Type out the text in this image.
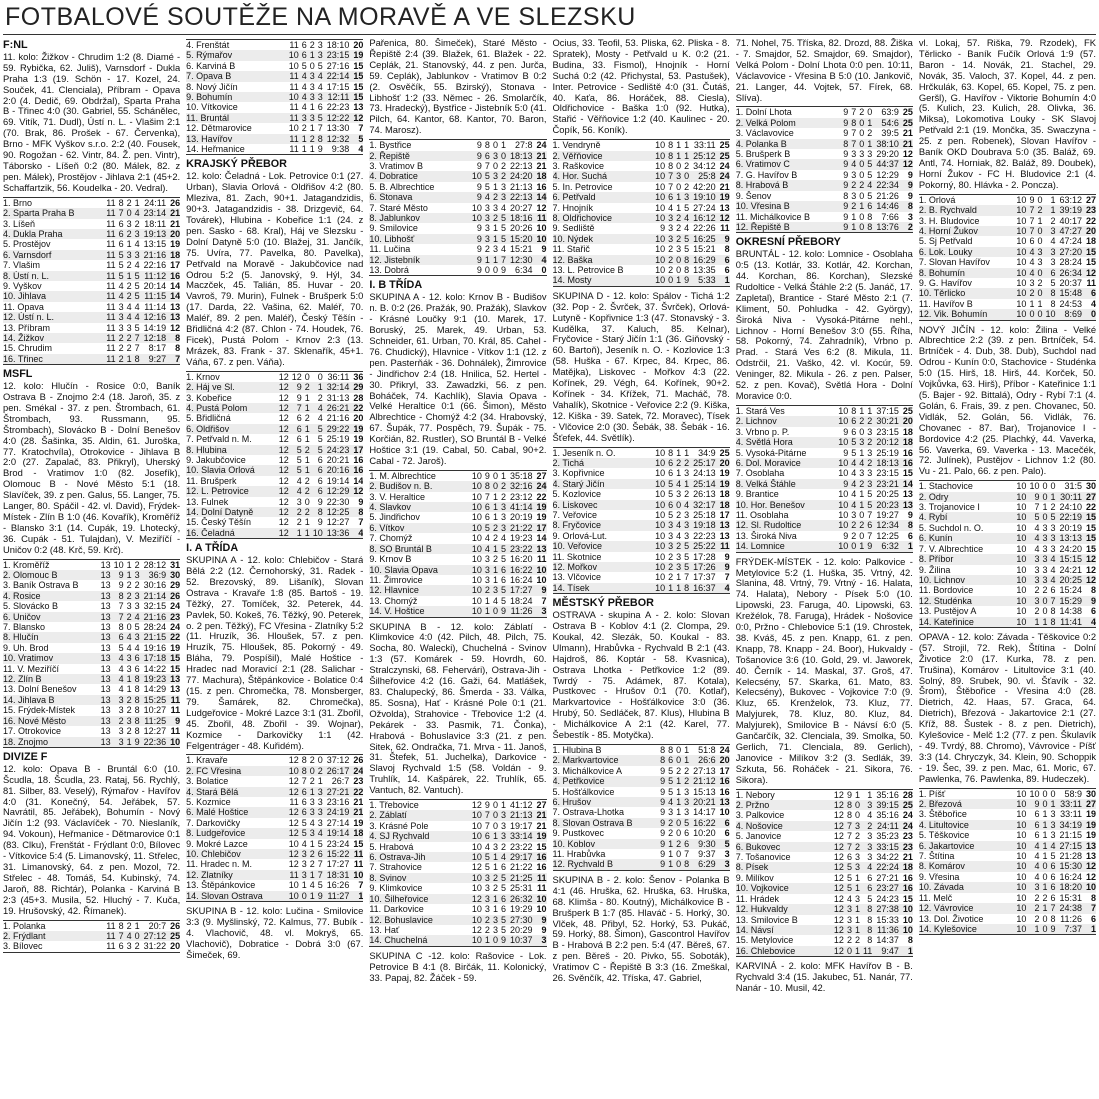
FOTBALOVÉ SOUTĚŽE NA MORAVĚ A VE SLEZSKU
F:NL
11. kolo: Žižkov - Chrudim 1:2 (8. Diamé - 59. Rybička, 62. Juliš), Varnsdorf - Dukla Praha 1:3 (19. Schön - 17. Kozel, 24. Souček, 41. Clenciala), Příbram - Opava 2:0 (4. Dedič, 69. Obdržal), Sparta Praha B - Třinec 4:0 (30. Gabriel, 55. Schánělec, 69. Vitík, 71. Dudl), Ústí n. L. - Vlašim 2:1 (70. Brak, 86. Prošek - 67. Červenka), Brno - MFK Vyškov s.r.o. 2:2 (40. Fousek, 90. Rogožan - 62. Vintr, 84. Ž. pen. Vintr), Táborsko - Líšeň 0:2 (80. Málek, 82. z pen. Málek), Prostějov - Jihlava 2:1 (45+2. Schaffartzik, 56. Koudelka - 20. Vedral).
1. Brno	11	8	2	1	24:11	26
2. Sparta Praha B	11	7	0	4	23:14	21
3. Líšeň	11	6	3	2	18:11	21
4. Dukla Praha	11	6	2	3	19:13	20
5. Prostějov	11	6	1	4	13:15	19
6. Varnsdorf	11	5	3	3	21:16	18
7. Vlašim	11	5	2	4	22:16	17
8. Ústí n. L.	11	5	1	5	11:12	16
9. Vyškov	11	4	2	5	20:14	14
10. Jihlava	11	4	2	5	11:15	14
11. Opava	11	3	4	4	11:14	13
12. Ústí n. L.	11	3	4	4	12:16	13
13. Příbram	11	3	3	5	14:19	12
14. Žižkov	11	2	2	7	12:18	8
15. Chrudim	11	2	2	7	8:17	8
16. Třinec	11	2	1	8	9:27	7
MSFL
12. kolo: Hlučín - Rosice 0:0, Baník Ostrava B - Znojmo 2:4 (18. Jaroň, 35. z pen. Smékal - 37. z pen. Štrombach, 61. Štrombach, 93. Russmann, 95. Štrombach), Slovácko B - Dolní Benešov 4:0 (28. Šašinka, 35. Aldin, 61. Juroška, 77. Kratochvíla), Otrokovice - Jihlava B 2:0 (27. Zapalač, 83. Přikryl), Uherský Brod - Vratimov 1:0 (82. Josefík), Olomouc B - Nové Město 5:1 (18. Slavíček, 39. z pen. Galus, 55. Langer, 75. Langer, 80. Spáčil - 42. vl. David), Frýdek-Místek - Zlín B 1:0 (46. Kovařík), Kroměříž - Blansko 3:1 (14. Cupák, 19. Lhotecký, 36. Cupák - 51. Tulajdan), V. Meziříčí - Uničov 0:2 (48. Krč, 59. Krč).
1. Kroměříž	13	10	1	2	28:12	31
2. Olomouc B	13	9	1	3	36:9	30
3. Baník Ostrava B	13	9	2	2	30:16	29
4. Rosice	13	8	2	3	21:14	26
5. Slovácko B	13	7	3	3	32:15	24
6. Uničov	13	7	2	4	21:16	23
7. Blansko	13	8	0	5	28:24	24
8. Hlučín	13	6	4	3	21:15	22
9. Uh. Brod	13	5	4	4	19:16	19
10. Vratimov	13	4	3	6	17:18	15
11. V. Meziříčí	13	4	3	6	14:22	15
12. Zlín B	13	4	1	8	19:23	13
13. Dolní Benešov	13	4	1	8	14:29	13
14. Jihlava B	13	3	2	8	15:25	11
15. Frýdek-Místek	13	3	2	8	10:27	11
16. Nové Město	13	2	3	8	11:25	9
17. Otrokovice	13	3	2	8	12:27	11
18. Znojmo	13	3	1	9	22:36	10
DIVIZE F
12. kolo: Opava B - Bruntál 6:0 (10. Šcudla, 18. Šcudla, 23. Rataj, 56. Rychlý, 81. Silber, 83. Veselý), Rýmařov - Havířov 4:0 (31. Konečný, 54. Jeřábek, 57. Navrátil, 85. Jeřábek), Bohumín - Nový Jičín 1:2 (93. Václavíček - 70. Nieslaník, 94. Vokoun), Heřmanice - Dětmarovice 0:1 (83. Clku), Frenštát - Frýdlant 0:0, Bílovec - Vítkovice 5:4 (5. Limanovský, 11. Střelec, 31. Limanovský, 64. z pen. Mozol, 72. Střelec - 48. Tomáš, 54. Kubinský, 74. Jaroň, 88. Richtár), Polanka - Karviná B 2:3 (45+3. Musila, 52. Hluchý - 7. Kuča, 19. Hrušovský, 42. Římanek).
1. Polanka	11	8	2	1	20:7	26
2. Frýdlant	11	7	4	0	27:12	25
3. Bílovec	11	6	3	2	31:22	20
4. Frenštát	11	6	2	3	18:10	20
5. Rýmařov	10	6	1	3	23:15	19
6. Karviná B	10	5	0	5	27:16	15
7. Opava B	11	4	3	4	22:14	15
8. Nový Jičín	11	4	3	4	17:15	15
9. Bohumín	10	4	3	3	12:11	15
10. Vítkovice	11	4	1	6	22:23	13
11. Bruntál	11	3	3	5	12:22	12
12. Dětmarovice	10	2	1	7	13:30	7
13. Havířov	11	1	2	8	12:32	5
14. Heřmanice	11	1	1	9	9:38	4
KRAJSKÝ PŘEBOR
12. kolo: Čeladná - Lok. Petrovice 0:1 (27. Urban), Slavia Orlová - Oldřišov 4:2 (80. Mleziva, 81. Zach, 90+1. Jatagandzidis, 90+3. Jatagandzidis - 38. Drizgevič, 64. Továrek), Hlubina - Kobeřice 1:1 (24. z pen. Sasko - 68. Kral), Háj ve Slezsku - Dolní Datyně 5:0 (10. Blažej, 31. Jančík, 75. Uvíra, 77. Pavelka, 80. Pavelka), Petřvald na Moravě - Jakubčovice nad Odrou 5:2 (5. Janovský, 9. Hýl, 34. Maczček, 45. Talián, 85. Huvar - 20. Vavroš, 79. Murin), Fulnek - Brušperk 5:0 (17. Darda, 22. Vašina, 62. Maléř, 70. Maléř, 89. 2 pen. Maléř), Český Těšín - Břidličná 4:2 (87. Chlon - 74. Houdek, 76. Ficek), Pustá Polom - Krnov 2:3 (13. Mrázek, 83. Frank - 37. Sklenařík, 45+1. Váňa, 67. z pen. Váňa).
1. Krnov	12	12	0	0	36:11	36
2. Háj ve Sl.	12	9	2	1	32:14	29
3. Kobeřice	12	9	1	2	31:13	28
4. Pustá Polom	12	7	1	4	26:21	22
5. Břidličná	12	6	2	4	21:16	20
6. Oldřišov	12	6	1	5	29:22	19
7. Petřvald n. M.	12	6	1	5	25:19	19
8. Hlubina	12	5	2	5	24:23	17
9. Jakubčovice	12	5	1	6	20:21	16
10. Slavia Orlová	12	5	1	6	20:16	16
11. Brušperk	12	4	2	6	19:14	14
12. L. Petrovice	12	4	2	6	12:29	12
13. Fulnek	12	3	0	9	22:30	9
14. Dolní Datyně	12	2	2	8	12:25	8
15. Český Těšín	12	2	1	9	12:27	7
16. Čeladná	12	1	1	10	13:36	4
I. A TŘÍDA
SKUPINA A - 12. kolo: Chlebičov - Stará Bělá 2:2 (12. Černohorský, 31. Radek - 52. Brezovský, 89. Lišaník), Slovan Ostrava - Kravaře 1:8 (85. Bartoš - 19. Těžký, 27. Tomíček, 32. Peterek, 44. Pavlek, 50. Kokeš, 76. Těžký, 90. Peterek, o. 2 pen. Těžký), FC Vřesina - Zlatníky 5:2 (11. Hruzík, 36. Hloušek, 57. z pen. Hruzík, 75. Hloušek, 85. Pokorný - 49. Bláha, 79. Pospíšil), Malé Hoštice - Hradec nad Moravicí 2:1 (28. Salichar - 77. Machura), Štěpánkovice - Bolatice 0:4 (15. z pen. Chromečka, 78. Monsberger, 79. Šamárek, 82. Chromečka), Ludgeřovice - Mokré Lazce 3:1 (31. Zbořil, 45. Zbořil, 48. Zbořil - 39. Wojnar), Kozmice - Darkovičky 1:1 (42. Felgentráger - 48. Kuřidém).
1. Kravaře	12	8	2	0	37:12	26
2. FC Vřesina	10	8	0	2	26:17	24
3. Bolatice	12	7	2	1	26:7	23
4. Stará Bělá	12	6	1	3	27:21	22
5. Kozmice	11	6	3	3	23:16	21
6. Malé Hoštice	12	6	3	3	24:19	21
7. Darkovičky	12	5	4	3	27:14	19
8. Ludgeřovice	12	5	3	4	19:14	18
9. Mokré Lazce	10	4	1	5	23:24	15
10. Chlebičov	12	3	2	6	15:22	11
11. Hradec n. M.	12	3	2	7	17:27	11
12. Zlatníky	11	3	1	7	18:31	10
13. Štěpánkovice	10	1	4	5	16:26	7
14. Slovan Ostrava	10	0	1	9	11:27	1
SKUPINA B - 12. kolo: Lučina - Smilovice 3:3 (9. Myšlinský, 72. Kalmus, 77. Bubík - 4. Vlachovič, 48. vl. Mokryš, 65. Vlachovič), Dobratice - Dobrá 3:0 (67. Šimeček, 69.
Pařenica, 80. Šimeček), Staré Město - Řepiště 2:4 (39. Blažek, 61. Blažek - 22. Ceplák, 21. Stanovský, 44. z pen. Jurča, 59. Ceplák), Jablunkov - Vratimov B 0:2 (2. Osvěčík, 55. Bzirský), Stonava - Libhošť 1:2 (33. Němec - 26. Smolarčík, 73. Hradecký), Bystřice - Jistebník 5:0 (41. Pilch, 64. Kantor, 68. Kantor, 70. Baron, 74. Marosz).
1. Bystřice	9	8	0	1	27:8	24
2. Řepiště	9	6	3	0	18:13	21
3. Vratimov B	9	7	0	2	22:13	21
4. Dobratice	10	5	3	2	24:20	18
5. B. Albrechtice	9	5	1	3	21:13	16
6. Stonava	9	4	2	3	22:13	14
7. Staré Město	10	3	3	4	20:27	12
8. Jablunkov	10	3	2	5	18:16	11
9. Smilovice	9	3	1	5	20:26	10
10. Libhošť	9	3	1	5	15:20	10
11. Lučina	9	2	3	4	15:21	9
12. Jistebník	9	1	1	7	12:30	4
13. Dobrá	9	0	0	9	6:34	0
I. B TŘÍDA
SKUPINA A - 12. kolo: Krnov B - Budišov n. B. 0:2 (26. Pražák, 90. Pražák), Slavkov - Krásné Loučky 9:1 (10. Marek, 17. Boruský, 25. Marek, 49. Urban, 53. Schneider, 61. Urban, 70. Král, 85. Cahel - 76. Chudický), Hlavnice - Vítkov 1:1 (12. z pen. Pasterňák - 36. Dohnálek), Žimrovice - Jindřichov 2:4 (18. Hnilica, 52. Hertel - 30. Přikryl, 33. Zawadzki, 56. z pen. Boháček, 74. Kachlík), Slavia Opava - Velké Heraltice 0:1 (66. Šimon), Město Albrechtice - Chomýž 4:2 (34. Hrabovský, 67. Šupák, 77. Pospěch, 79. Šupák - 75. Korčián, 82. Rustler), SO Bruntál B - Velké Hoštice 3:1 (19. Cabal, 50. Cabal, 90+2. Cabal - 72. Jaroš).
1. M. Albrechtice	10	9	0	1	35:18	27
2. Budišov n. B.	10	8	0	2	32:16	24
3. V. Heraltice	10	7	1	2	23:12	22
4. Slavkov	10	6	1	3	41:14	19
5. Jindřichov	10	6	1	3	20:19	19
6. Vítkov	10	5	2	3	21:22	17
7. Chomýž	10	4	2	4	19:23	14
8. SO Bruntál B	10	4	1	5	23:22	13
9. Krnov B	10	3	2	5	16:20	11
10. Slavia Opava	10	3	1	6	16:22	10
11. Žimrovice	10	3	1	6	16:24	10
12. Hlavnice	10	2	3	5	17:27	9
13. Chomýž	10	1	4	5	18:24	7
14. V. Hoštice	10	1	0	9	11:26	3
SKUPINA B - 12. kolo: Záblatí - Klimkovice 4:0 (42. Pilch, 48. Pilch, 75. Socha, 80. Walecki), Chuchelná - Svinov 1:3 (57. Komárek - 59. Hovrdh, 60. Stralczynski, 68. Fehervári), Ostrava-Jih - Šilheřovice 4:2 (16. Gaži, 64. Matlášek, 83. Chalupecký, 86. Šmerda - 33. Válka, 85. Sosna), Hať - Krásné Pole 0:1 (21. Ožvolda), Strahovice - Třebovice 1:2 (4. Pekárek - 33. Pasmik, 71. Čonka), Hrabová - Bohuslavice 3:3 (21. z pen. Sitek, 62. Ondračka, 71. Mrva - 11. Janoš, 31. Štefek, 51. Juchelka), Darkovice - Slavoj Rychvald 1:5 (58. Voldán - 9. Truhlík, 14. Kašpárek, 22. Truhlík, 65. Vantuch, 82. Vantuch).
1. Třebovice	12	9	0	1	41:12	27
2. Záblatí	10	7	0	3	21:13	21
3. Krásné Pole	10	7	0	3	19:17	21
4. SJ Rychvald	10	6	1	3	33:14	19
5. Hrabová	10	4	3	2	23:22	15
6. Ostrava-Jih	10	5	1	4	29:17	16
7. Strahovice	12	5	1	6	21:22	16
8. Svinov	10	3	2	5	21:25	11
9. Klimkovice	10	3	2	5	25:31	11
10. Šilheřovice	12	3	1	6	26:32	10
11. Darkovice	10	3	1	6	19:29	10
12. Bohuslavice	10	2	3	5	27:30	9
13. Hať	12	2	3	5	20:29	9
14. Chuchelná	10	1	0	9	10:37	3
SKUPINA C -12. kolo: Rašovice - Lok. Petrovice B 4:1 (8. Birčák, 11. Kolonický, 33. Papaj, 82. Žáček - 59.
Ocius, 33. Teofil, 53. Pliska, 62. Pliska - 8. Spratek), Mosty - Petřvald u K. 0:2 (21. Budina, 33. Fismol), Hnojník - Horní Suchá 0:2 (42. Přichystal, 53. Pastušek), Inter. Petrovice - Sedliště 4:0 (31. Čutáš, 40. Kaťa, 86. Horáček, 88. Ciesla), Oldřichovice - Baška 1:0 (92. Hutka), Stařić - Věřňovice 1:2 (40. Kaulinec - 20. Čopík, 56. Koník).
1. Vendryně	10	8	1	1	33:11	25
2. Věřňovice	10	8	1	1	25:12	25
3. Raškovice	10	8	0	2	34:12	24
4. Hor. Suchá	10	7	3	0	25:8	24
5. In. Petrovice	10	7	0	2	42:20	21
6. Petřvald	10	6	1	3	19:10	19
7. Hnojník	10	4	1	5	27:24	13
8. Oldřichovice	10	3	2	4	16:12	12
9. Sedliště	9	3	2	4	22:26	11
10. Nýdek	10	3	2	5	16:25	9
11. Stařič	10	2	3	5	15:21	8
12. Baška	10	2	0	8	16:29	6
13. L. Petrovice B	10	2	0	8	13:35	6
14. Mosty	10	0	1	9	5:33	1
SKUPINA D - 12. kolo: Spálov - Tichá 1:2 (32. Pop - 2. Švrček, 37. Švrček), Orlová-Lutyně - Kopřivnice 1:3 (47. Stonavský - 3. Kudělka, 37. Kaluch, 85. Kelnar), Fryčovice - Starý Jičín 1:1 (36. Giňovský - 60. Bartoň), Jeseník n. O. - Kozlovice 1:3 (58. Huška - 67. Krpec, 84. Krpec, 86. Matějka), Liskovec - Mořkov 4:3 (22. Kořínek, 29. Végh, 64. Kořínek, 90+2. Kořínek - 34. Křížek, 71. Macháč, 78. Vahalík), Skotnice - Veřovice 2:2 (9. Kiška, 12. Kiška - 39. Satek, 72. Moravec), Tísek - Vlčovice 2:0 (30. Šebák, 38. Šebák - 16. Šťefek, 44. Světlík).
1. Jeseník n. O.	10	8	1	1	34:9	25
2. Tichá	10	6	2	2	25:17	20
3. Kopřivnice	10	6	1	3	24:13	19
4. Starý Jičín	10	5	4	1	25:14	19
5. Kozlovice	10	5	3	2	26:13	18
6. Liskovec	10	6	0	4	32:17	18
7. Veřovice	10	5	2	3	25:18	17
8. Fryčovice	10	3	4	3	19:18	13
9. Orlová-Lut.	10	3	4	3	22:23	13
10. Veřovice	10	3	2	5	25:22	11
11. Skotnice	10	2	3	5	17:28	9
12. Mořkov	10	2	3	5	17:26	9
13. Vlčovice	10	2	1	7	17:37	7
14. Tísek	10	1	1	8	16:37	4
MĚSTSKÝ PŘEBOR
OSTRAVA - skupina A - 2. kolo: Slovan Ostrava B - Koblov 4:1 (2. Clompa, 29. Koukal, 42. Slezák, 50. Koukal - 83. Ulmann), Hrabůvka - Rychvald B 2:1 (43. Hajdroš, 86. Koptár - 58. Kvasnica), Ostrava Lhotka - Petřkovice 1:2 (89. Twrdý - 75. Adámek, 87. Kotala), Pustkovec - Hrušov 0:1 (70. Kotlař), Markvartovice - Hošťálkovice 3:0 (36. Hrubý, 50. Sedláček, 87. Klus), Hlubina B - Michálkovice A 2:1 (42. Karel, 77. Šebestík - 85. Motyčka).
1. Hlubina B	8	8	0	1	51:8	24
2. Markvartovice	8	6	0	1	26:6	20
3. Michálkovice A	9	5	2	2	27:13	17
4. Petřkovice	9	5	1	2	21:12	16
5. Hošťálkovice	9	5	1	3	15:13	16
6. Hrušov	9	4	1	3	20:21	13
7. Ostrava-Lhotka	9	3	1	3	14:17	10
8. Slovan Ostrava B	9	2	0	5	16:22	6
9. Pustkovec	9	2	0	6	10:20	6
10. Koblov	9	1	2	6	9:30	5
11. Hrabůvka	9	1	0	7	9:37	3
12. Rychvald B	9	1	0	8	6:29	3
SKUPINA B - 2. kolo: Šenov - Polanka B 4:1 (46. Hruška, 62. Hruška, 63. Hruška, 68. Klimša - 80. Koutný), Michálkovice B - Brušperk B 1:7 (85. Hlaváč - 5. Horký, 30. Vlček, 48. Přibyl, 52. Horký, 53. Pukáč, 59. Horký, 88. Šimon), Gascontrol Havířov B - Hrabová B 2:2 pen. 5:4 (47. Běreš, 67. z pen. Běreš - 20. Pivko, 55. Soboták), Vratimov C - Řepiště B 3:3 (16. Zmeškal, 26. Svěnčík, 42. Tříska, 47. Gabriel,
71. Nohel, 75. Tříska, 82. Drozd, 88. Žiška - 7. Smajdor, 52. Smajdor, 69. Smajdor), Velká Polom - Dolní Lhota 0:0 pen. 10:11, Václavovice - Vřesina B 5:0 (10. Jankovič, 21. Langer, 44. Vojtek, 57. Fírek, 68. Slíva).
1. Dolní Lhota	9	7	2	0	63:9	25
2. Velká Polom	9	8	0	1	54:6	25
3. Václavovice	9	7	0	2	39:5	21
4. Polanka B	8	7	0	1	38:10	21
5. Brušperk B	9	3	3	3	29:20	12
6. Vratimov C	9	4	0	5	44:37	12
7. G. Havířov B	9	3	0	5	12:29	9
8. Hrabová B	9	2	2	4	22:34	9
9. Šenov	8	3	0	5	21:26	9
10. Vřesina B	9	2	1	6	14:46	8
11. Michálkovice B	9	1	0	8	7:66	3
12. Řepiště B	9	1	0	8	13:76	2
OKRESNÍ PŘEBORY
BRUNTÁL - 12. kolo: Lomnice - Osoblaha 0:5 (13. Kotlár, 33. Kotlár, 42. Korchan, 44. Korchan, 86. Korchan), Slezské Rudoltice - Velká Štáhle 2:2 (5. Janáč, 17. Zapletal), Brantice - Staré Město 2:1 (7. Kliment, 50. Pohludka - 42. Györgу), Široká Niva - Vysoká-Pitárne nehl., Lichnov - Horní Benešov 3:0 (55. Říha, 58. Pokorný, 74. Zahradník), Vrbno p. Prad. - Stará Ves 6:2 (8. Mikula, 11. Odstrčil, 21. Vaško, 42. vl. Kocúr, 59. Veninger, 82. Mikula - 26. z pen. Palser, 52. z pen. Kovač), Světlá Hora - Dolní Moravice 0:0.
1. Stará Ves	10	8	1	1	37:15	25
2. Lichnov	10	6	2	2	30:21	20
3. Vrbno p. P.	9	6	0	3	23:15	18
4. Světlá Hora	10	5	3	2	20:12	18
5. Vysoká-Pitárne	9	5	1	3	25:19	16
6. Dol. Moravice	10	4	4	2	18:13	16
7. Osoblaha	10	4	3	3	23:15	15
8. Velká Štáhle	9	4	2	3	23:21	14
9. Brantice	10	4	1	5	20:25	13
10. Hor. Benešov	10	4	1	5	20:23	13
11. Osoblaha	10	3	0	7	19:27	9
12. Sl. Rudoltice	10	2	2	6	12:34	8
13. Široká Niva	9	2	0	7	12:25	6
14. Lomnice	10	0	1	9	6:32	1
FRÝDEK-MÍSTEK - 12. kolo: Palkovice - Metylovice 5:2 (1. Huška, 35. Vrtný, 42. Slanina, 48. Vrtný, 79. Vrtný - 16. Halata, 74. Halata), Nebory - Písek 5:0 (10. Lipowski, 23. Faruga, 40. Lipowski, 63. Krežélok, 78. Faruga), Hrádek - Nošovice 0:0, Pržno - Chlebovice 5:1 (19. Chrostek, 38. Kváš, 45. z pen. Knapp, 61. z pen. Knapp, 78. Knapp - 24. Boor), Hukvaldy - Tošanovice 3:6 (10. Gold, 29. vl. Jaworek, 40. Černík - 14. Maskal, 37. Groš, 47. Kelecsény, 57. Skarka, 61. Mato, 83. Kelecsény), Bukovec - Vojkovice 7:0 (9. Kluz, 65. Krenželok, 73. Kluz, 77. Malyjurek, 78. Kluz, 80. Kluz, 84. Malyjurek), Smilovice B - Návsí 6:0 (5. Gančarčík, 32. Clenciala, 39. Smolka, 50. Gerlich, 71. Clenciala, 89. Gerlich), Janovice - Milíkov 3:2 (3. Sedlák, 39. Szkuta, 56. Roháček - 21. Sikora, 76. Sikora).
1. Nebory	12	9	1	1	35:16	28
2. Pržno	12	8	0	3	39:15	25
3. Palkovice	12	8	0	4	35:16	24
4. Nošovice	12	7	3	2	24:11	24
5. Janovice	12	7	2	3	35:23	23
6. Bukovec	12	7	2	3	33:15	23
7. Tošanovice	12	6	3	3	34:22	21
8. Písek	12	5	3	4	22:24	18
9. Milíkov	12	5	1	6	27:21	16
10. Vojkovice	12	5	1	6	23:27	16
11. Hrádek	12	4	3	5	24:23	15
12. Hukvaldy	12	3	1	8	27:38	10
13. Smilovice B	12	3	1	8	15:33	10
14. Návsí	12	3	1	8	11:36	10
15. Metylovice	12	2	2	8	14:37	8
16. Chlebovice	12	0	1	11	9:47	1
KARVINÁ - 2. kolo: MFK Havířov B - B. Rychvald 3:4 (15. Jakubec, 51. Nanár, 77. Nanár - 10. Musil, 42.
vl. Lokaj, 57. Riška, 79. Rzodek), FK Těrlicko - Baník Fučík Orlová 1:9 (57. Baron - 14. Novák, 21. Stachel, 29. Novák, 35. Valoch, 37. Kopel, 44. z pen. Hrčkulák, 63. Kopel, 65. Kopel, 75. z pen. Geršl), G. Havířov - Viktorie Bohumín 4:0 (5. Kulich, 23. Kulich, 28. Olivka, 36. Miksa), Lokomotiva Louky - SK Slavoj Petřvald 2:1 (19. Mončka, 35. Swaczyna - 25. z pen. Robenek), Slovan Havířov - Baník OKD Doubrava 5:0 (35. Baláž, 69. Antl, 74. Horniak, 82. Baláž, 89. Doubek), Horní Žukov - FC H. Bludovice 2:1 (4. Pokorný, 80. Hlávka - 2. Poncza).
1. Orlová	10	9	0	1	63:12	27
2. B. Rychvald	10	7	2	1	39:19	23
3. H. Bludovice	10	7	1	2	40:17	22
4. Horní Žukov	10	7	0	3	47:27	20
5. Sj Petřvald	10	6	0	4	47:24	18
6. Lok. Louky	10	4	3	3	27:20	15
7. Slovan Havířov	10	4	3	3	28:24	15
8. Bohumín	10	4	0	6	26:34	12
9. G. Havířov	10	3	2	5	20:37	11
10. Těrlicko	10	2	0	8	15:48	6
11. Havířov B	10	1	1	8	24:53	4
12. Vik. Bohumín	10	0	0	10	8:69	0
NOVÝ JIČÍN - 12. kolo: Žilina - Velké Albrechtice 2:2 (39. z pen. Brtníček, 54. Brtníček - 4. Dub, 38. Dub), Suchdol nad Odrou - Kunín 0:0, Stachovice - Studénka 5:0 (15. Hirš, 18. Hirš, 44. Korček, 50. Vojkůvka, 63. Hirš), Příbor - Kateřinice 1:1 (5. Bajer - 92. Bittalá), Odry - Rybí 7:1 (4. Golán, 6. Frais, 39. z pen. Chovanec, 50. Vidlák, 52. Golán, 56. Vidlák, 76. Chovanec - 87. Bar), Trojanovice I - Bordovice 4:2 (25. Plachký, 44. Vaverka, 56. Vaverka, 69. Vaverka - 13. Macečék, 72. Julínek), Pustějov - Lichnov 1:2 (80. Vu - 21. Palo, 66. z pen. Palo).
1. Stachovice	10	10	0	0	31:5	30
2. Odry	10	9	0	1	30:11	27
3. Trojanovice I	10	7	1	2	24:10	22
4. Rybí	10	5	0	5	22:19	15
5. Suchdol n. O.	10	4	3	3	20:19	15
6. Kunín	10	4	3	3	13:13	15
7. V. Albrechtice	10	4	3	3	24:20	15
8. Příbor	10	3	3	4	15:15	12
9. Žilina	10	3	3	4	24:21	12
10. Lichnov	10	3	3	4	20:25	12
11. Bordovice	10	2	2	6	15:24	8
12. Studénka	10	3	0	7	15:29	9
13. Pustějov A	10	2	0	8	14:38	6
14. Kateřinice	10	1	1	8	11:41	4
OPAVA - 12. kolo: Závada - Těškovice 0:2 (57. Strojil, 72. Rek), Štítina - Dolní Životice 2:0 (17. Kurka, 78. z pen. Trušina), Komárov - Litultovice 3:1 (40. Solný, 89. Srubek, 90. vl. Šťavík - 32. Šrom), Štěbořice - Vřesina 4:0 (28. Dietrich, 42. Haas, 57. Graca, 64. Dietrich), Březová - Jakartovice 2:1 (27. Kříž, 88. Šustek - 8. z pen. Dietrich), Kylešovice - Melč 1:2 (77. z pen. Škulavík - 49. Tvrdý, 88. Chromo), Vávrovice - Píšť 3:3 (14. Chryczyk, 34. Klein, 90. Schoppik - 19. Šec, 39. z pen. Mac, 61. Moric, 67. Pawlenka, 76. Pawlenka, 89. Hudeczek).
1. Píšť	10	10	0	0	58:9	30
2. Březová	10	9	0	1	33:11	27
3. Štěbořice	10	6	1	3	33:11	19
4. Litultovice	10	6	1	3	34:19	19
5. Těškovice	10	6	1	3	21:15	19
6. Jakartovice	10	4	1	4	27:15	13
7. Štítina	10	4	1	5	21:28	13
8. Komárov	10	4	0	6	15:30	12
9. Vřesina	10	4	0	6	16:24	12
10. Závada	10	3	1	6	18:20	10
11. Melč	10	2	2	6	15:31	8
12. Vávrovice	10	2	1	7	24:38	7
13. Dol. Životice	10	2	0	8	11:26	6
14. Kylešovice	10	1	0	9	7:37	1
